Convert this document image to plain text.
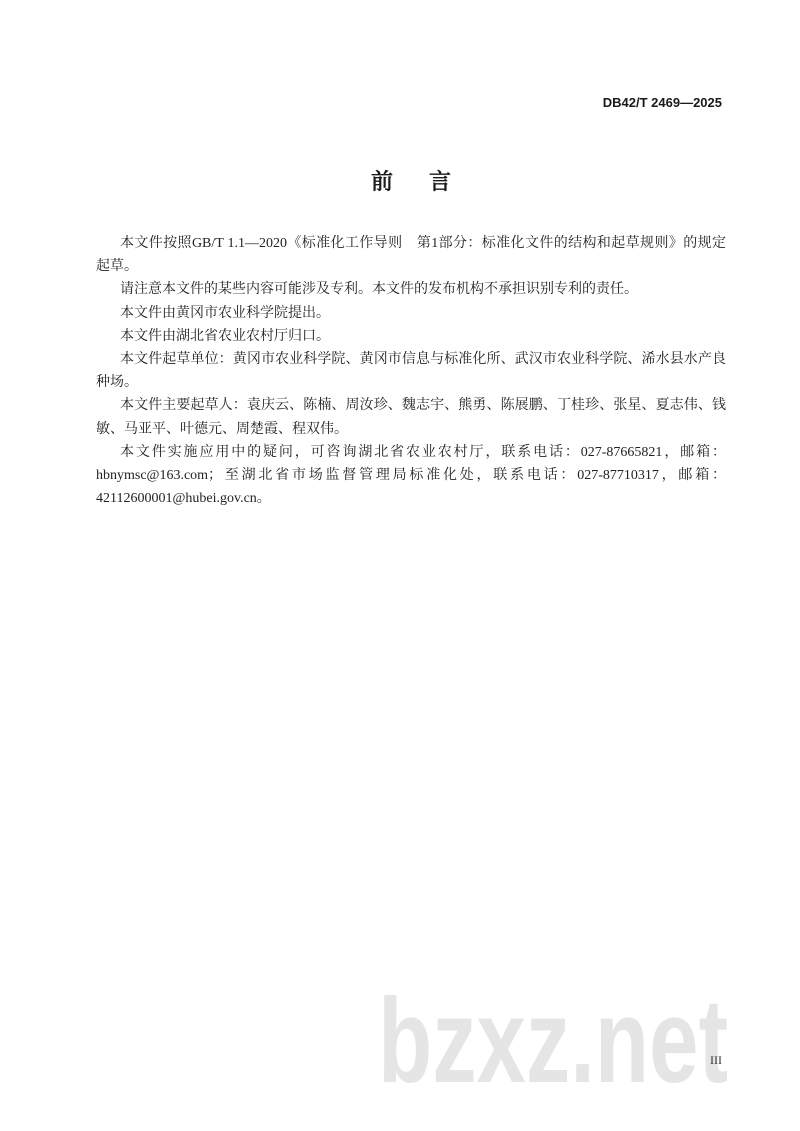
DB42/T 2469—2025
前　言
本文件按照GB/T 1.1—2020《标准化工作导则　第1部分：标准化文件的结构和起草规则》的规定
起草。
请注意本文件的某些内容可能涉及专利。本文件的发布机构不承担识别专利的责任。
本文件由黄冈市农业科学院提出。
本文件由湖北省农业农村厅归口。
本文件起草单位：黄冈市农业科学院、黄冈市信息与标准化所、武汉市农业科学院、浠水县水产良
种场。
本文件主要起草人：袁庆云、陈楠、周汝珍、魏志宇、熊勇、陈展鹏、丁桂珍、张星、夏志伟、钱
敏、马亚平、叶德元、周楚霞、程双伟。
本文件实施应用中的疑问，可咨询湖北省农业农村厅，联系电话：027-87665821，邮箱：
hbnymsc@163.com；至湖北省市场监督管理局标准化处，联系电话：027-87710317，邮箱：
42112600001@hubei.gov.cn。
bzxz.net
III
